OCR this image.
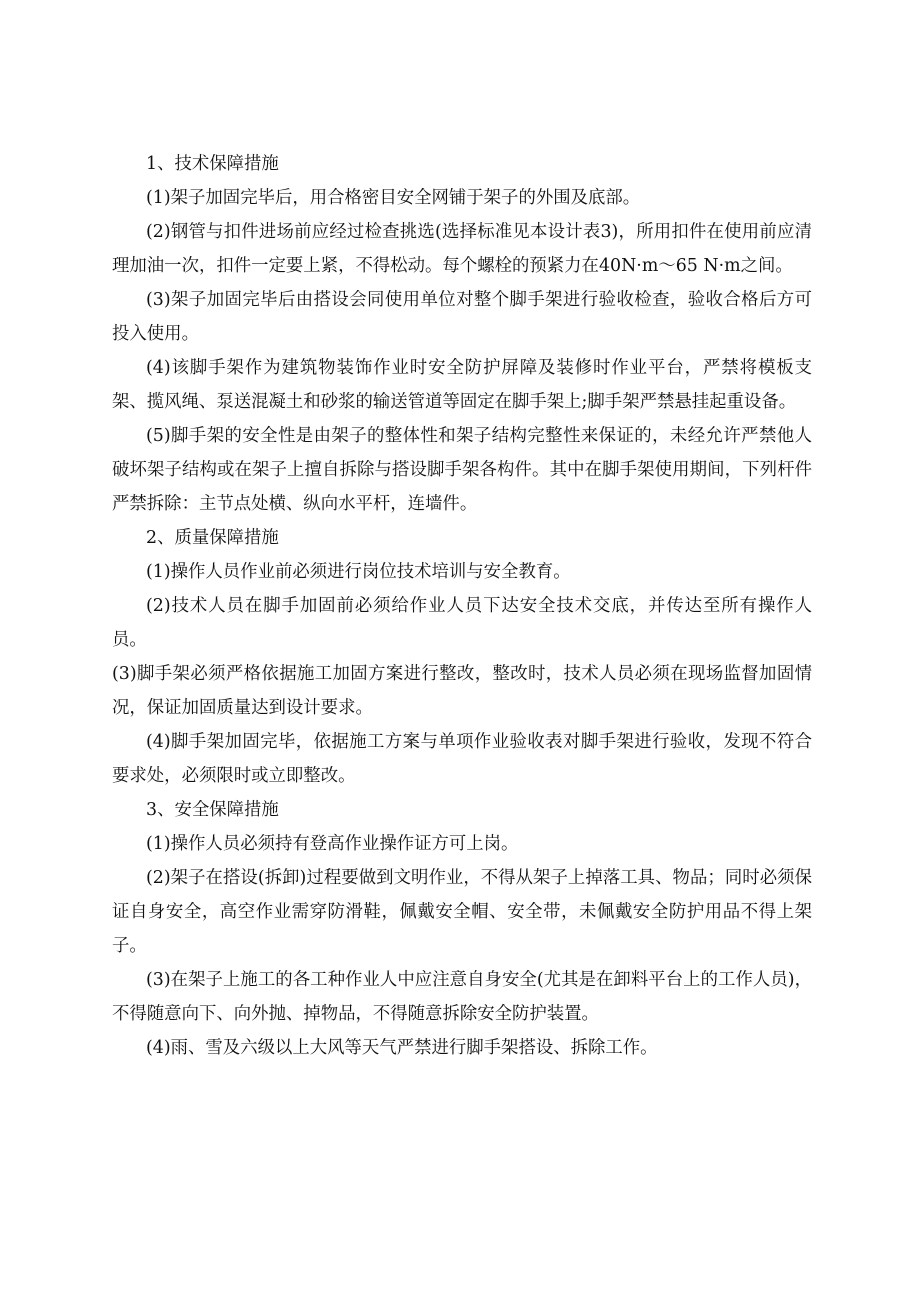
1、技术保障措施

(1)架子加固完毕后，用合格密目安全网铺于架子的外围及底部。

(2)钢管与扣件进场前应经过检查挑选(选择标准见本设计表3)，所用扣件在使用前应清理加油一次，扣件一定要上紧，不得松动。每个螺栓的预紧力在40N·m～65 N·m之间。

(3)架子加固完毕后由搭设会同使用单位对整个脚手架进行验收检查，验收合格后方可投入使用。

(4)该脚手架作为建筑物装饰作业时安全防护屏障及装修时作业平台，严禁将模板支架、揽风绳、泵送混凝土和砂浆的输送管道等固定在脚手架上;脚手架严禁悬挂起重设备。

(5)脚手架的安全性是由架子的整体性和架子结构完整性来保证的，未经允许严禁他人破坏架子结构或在架子上擅自拆除与搭设脚手架各构件。其中在脚手架使用期间，下列杆件严禁拆除：主节点处横、纵向水平杆，连墙件。

2、质量保障措施

(1)操作人员作业前必须进行岗位技术培训与安全教育。

(2)技术人员在脚手加固前必须给作业人员下达安全技术交底，并传达至所有操作人员。

(3)脚手架必须严格依据施工加固方案进行整改，整改时，技术人员必须在现场监督加固情况，保证加固质量达到设计要求。

(4)脚手架加固完毕，依据施工方案与单项作业验收表对脚手架进行验收，发现不符合要求处，必须限时或立即整改。

3、安全保障措施

(1)操作人员必须持有登高作业操作证方可上岗。

(2)架子在搭设(拆卸)过程要做到文明作业，不得从架子上掉落工具、物品；同时必须保证自身安全，高空作业需穿防滑鞋，佩戴安全帽、安全带，未佩戴安全防护用品不得上架子。

(3)在架子上施工的各工种作业人中应注意自身安全(尤其是在卸料平台上的工作人员)，不得随意向下、向外抛、掉物品，不得随意拆除安全防护装置。

(4)雨、雪及六级以上大风等天气严禁进行脚手架搭设、拆除工作。
